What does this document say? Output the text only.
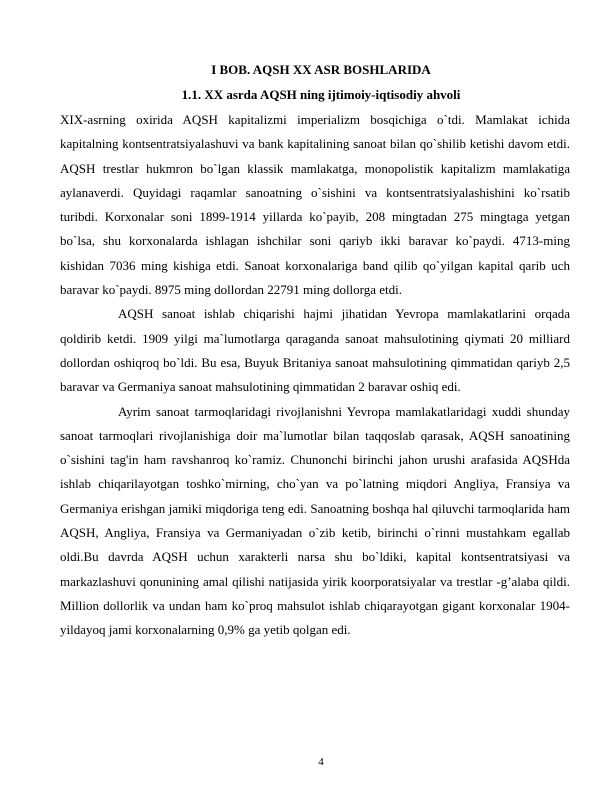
I BOB. AQSH XX ASR BOSHLARIDA
1.1. XX asrda AQSH ning ijtimoiy-iqtisodiy ahvoli

XIX-asrning oxirida AQSH kapitalizmi imperializm bosqichiga o`tdi. Mamlakat ichida kapitalning kontsentratsiyalashuvi va bank kapitalining sanoat bilan qo`shilib ketishi davom etdi. AQSH trestlar hukmron bo`lgan klassik mamlakatga, monopolistik kapitalizm mamlakatiga aylanaverdi. Quyidagi raqamlar sanoatning o`sishini va kontsentratsiyalashishini ko`rsatib turibdi. Korxonalar soni 1899-1914 yillarda ko`payib, 208 mingtadan 275 mingtaga yetgan bo`lsa, shu korxonalarda ishlagan ishchilar soni qariyb ikki baravar ko`paydi. 4713-ming kishidan 7036 ming kishiga etdi. Sanoat korxonalariga band qilib qo`yilgan kapital qarib uch baravar ko`paydi. 8975 ming dollordan 22791 ming dollorga etdi.

AQSH sanoat ishlab chiqarishi hajmi jihatidan Yevropa mamlakatlarini orqada qoldirib ketdi. 1909 yilgi ma`lumotlarga qaraganda sanoat mahsulotining qiymati 20 milliard dollordan oshiqroq bo`ldi. Bu esa, Buyuk Britaniya sanoat mahsulotining qimmatidan qariyb 2,5 baravar va Germaniya sanoat mahsulotining qimmatidan 2 baravar oshiq edi.

Ayrim sanoat tarmoqlaridagi rivojlanishni Yevropa mamlakatlaridagi xuddi shunday sanoat tarmoqlari rivojlanishiga doir ma`lumotlar bilan taqqoslab qarasak, AQSH sanoatining o`sishini tag'in ham ravshanroq ko`ramiz. Chunonchi birinchi jahon urushi arafasida AQSHda ishlab chiqarilayotgan toshko`mirning, cho`yan va po`latning miqdori Angliya, Fransiya va Germaniya erishgan jamiki miqdoriga teng edi. Sanoatning boshqa hal qiluvchi tarmoqlarida ham AQSH, Angliya, Fransiya va Germaniyadan o`zib ketib, birinchi o`rinni mustahkam egallab oldi.Bu davrda AQSH uchun xarakterli narsa shu bo`ldiki, kapital kontsentratsiyasi va markazlashuvi qonunining amal qilishi natijasida yirik koorporatsiyalar va trestlar -g’alaba qildi. Million dollorlik va undan ham ko`proq mahsulot ishlab chiqarayotgan gigant korxonalar 1904-yildayoq jami korxonalarning 0,9% ga yetib qolgan edi.

4
